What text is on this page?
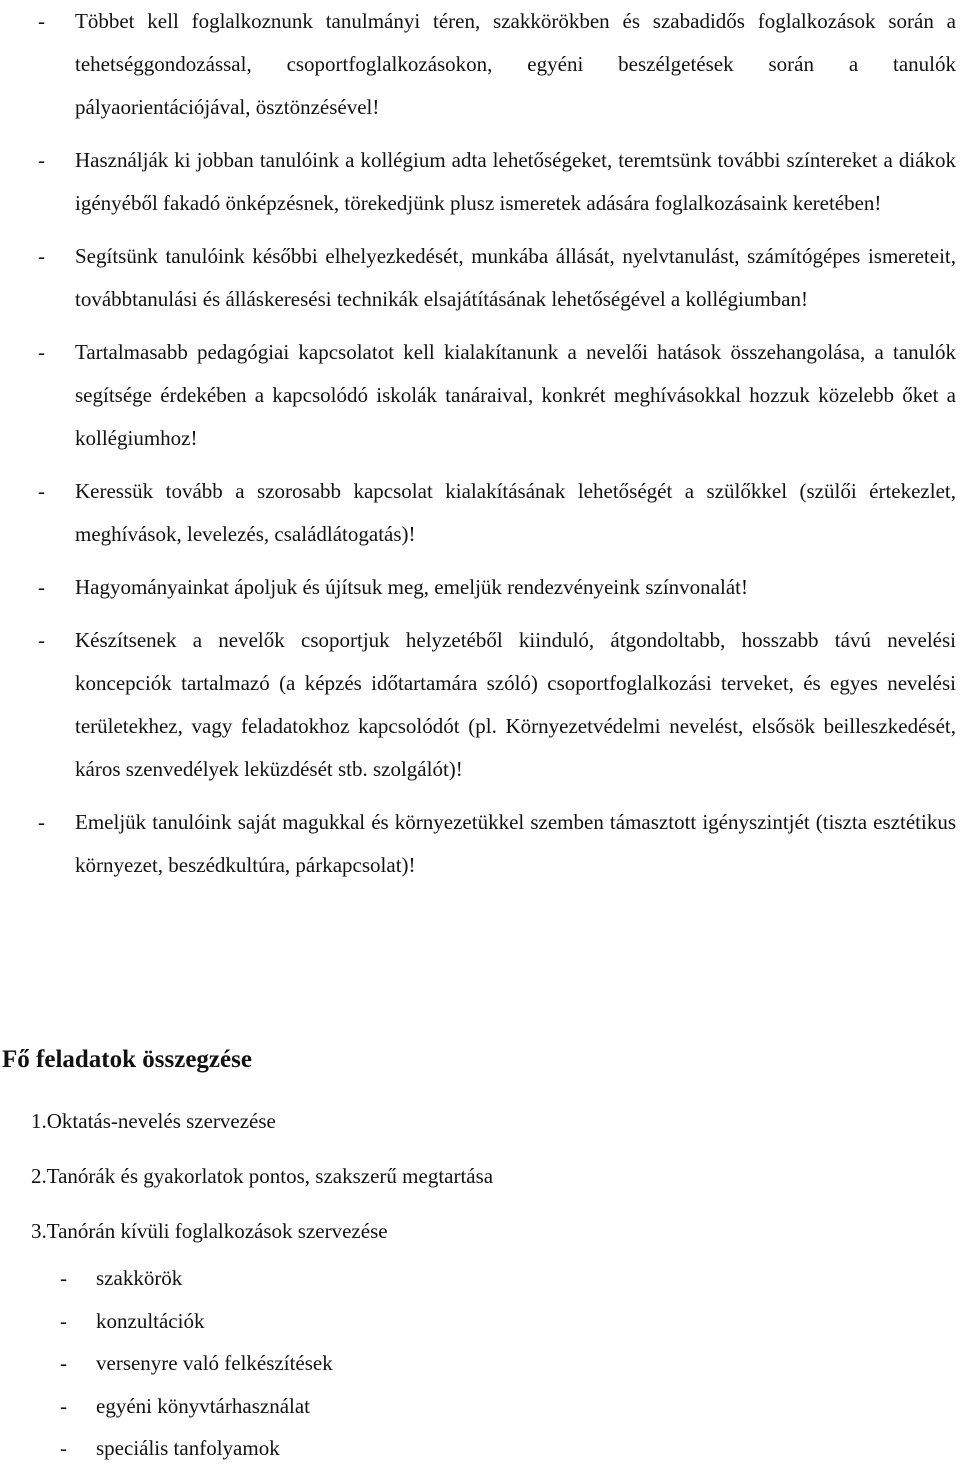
- Többet kell foglalkoznunk tanulmányi téren, szakkörökben és szabadidős foglalkozások során a tehetséggondozással, csoportfoglalkozásokon, egyéni beszélgetések során a tanulók pályaorientációjával, ösztönzésével!
- Használják ki jobban tanulóink a kollégium adta lehetőségeket, teremtsünk további színtereket a diákok igényéből fakadó önképzésnek, törekedjünk plusz ismeretek adására foglalkozásaink keretében!
- Segítsünk tanulóink későbbi elhelyezkedését, munkába állását, nyelvtanulást, számítógépes ismereteit, továbbtanulási és álláskeresési technikák elsajátításának lehetőségével a kollégiumban!
- Tartalmasabb pedagógiai kapcsolatot kell kialakítanunk a nevelői hatások összehangolása, a tanulók segítsége érdekében a kapcsolódó iskolák tanáraival, konkrét meghívásokkal hozzuk közelebb őket a kollégiumhoz!
- Keressük tovább a szorosabb kapcsolat kialakításának lehetőségét a szülőkkel (szülői értekezlet, meghívások, levelezés, családlátogatás)!
- Hagyományainkat ápoljuk és újítsuk meg, emeljük rendezvényeink színvonalát!
- Készítsenek a nevelők csoportjuk helyzetéből kiinduló, átgondoltabb, hosszabb távú nevelési koncepciók tartalmazó (a képzés időtartamára szóló) csoportfoglalkozási terveket, és egyes nevelési területekhez, vagy feladatokhoz kapcsolódót (pl. Környezetvédelmi nevelést, elsősök beilleszkedését, káros szenvedélyek leküzdését stb. szolgálót)!
- Emeljük tanulóink saját magukkal és környezetükkel szemben támasztott igényszintjét (tiszta esztétikus környezet, beszédkultúra, párkapcsolat)!
Fő feladatok összegzése
1.Oktatás-nevelés szervezése
2.Tanórák és gyakorlatok pontos, szakszerű megtartása
3.Tanórán kívüli foglalkozások szervezése
- szakkörök
- konzultációk
- versenyre való felkészítések
- egyéni könyvtárhasználat
- speciális tanfolyamok
